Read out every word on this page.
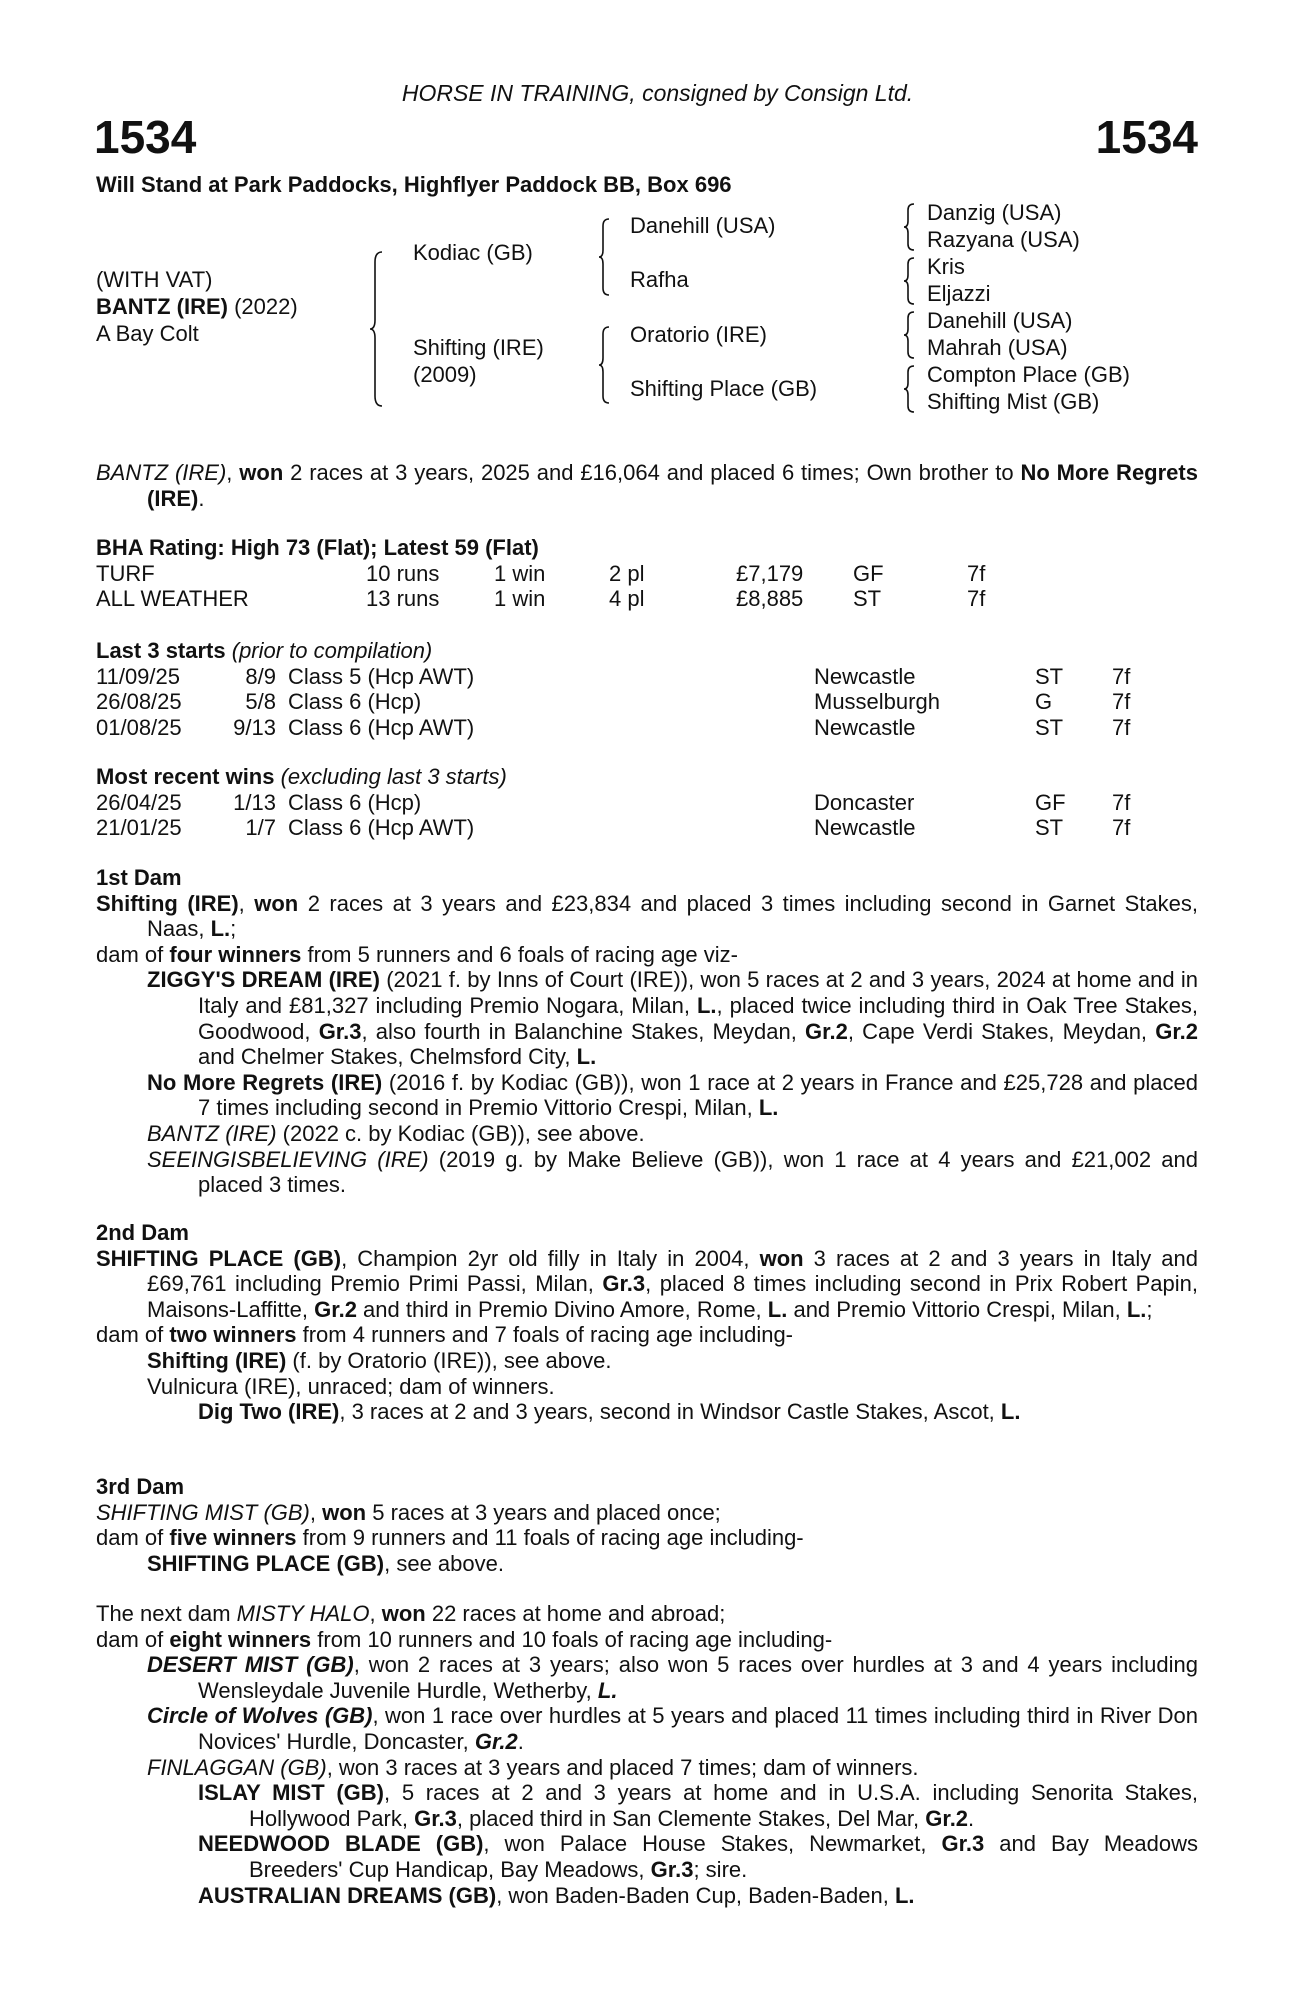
HORSE IN TRAINING, consigned by Consign Ltd.
1534	1534
Will Stand at Park Paddocks, Highflyer Paddock BB, Box 696
(WITH VAT)
BANTZ (IRE) (2022)
A Bay Colt
Kodiac (GB)
Shifting (IRE)
(2009)
Danehill (USA)
Rafha
Oratorio (IRE)
Shifting Place (GB)
Danzig (USA)
Razyana (USA)
Kris
Eljazzi
Danehill (USA)
Mahrah (USA)
Compton Place (GB)
Shifting Mist (GB)
BANTZ (IRE), won 2 races at 3 years, 2025 and £16,064 and placed 6 times; Own brother to No More Regrets (IRE).
BHA Rating: High 73 (Flat); Latest 59 (Flat)
TURF	10 runs 1 win	2 pl	£7,179 GF	7f
ALL WEATHER	13 runs 1 win	4 pl	£8,885 ST	7f
Last 3 starts (prior to compilation)
11/09/25	8/9 Class 5 (Hcp AWT)	Newcastle	ST 7f
26/08/25	5/8 Class 6 (Hcp)	Musselburgh	G	7f
01/08/25 9/13 Class 6 (Hcp AWT)	Newcastle	ST 7f
Most recent wins (excluding last 3 starts)
26/04/25 1/13 Class 6 (Hcp)	Doncaster	GF 7f
21/01/25	1/7 Class 6 (Hcp AWT)	Newcastle	ST 7f
1st Dam
Shifting (IRE), won 2 races at 3 years and £23,834 and placed 3 times including second in Garnet Stakes, Naas, L.;
dam of four winners from 5 runners and 6 foals of racing age viz-
ZIGGY'S DREAM (IRE) (2021 f. by Inns of Court (IRE)), won 5 races at 2 and 3 years, 2024 at home and in Italy and £81,327 including Premio Nogara, Milan, L., placed twice including third in Oak Tree Stakes, Goodwood, Gr.3, also fourth in Balanchine Stakes, Meydan, Gr.2, Cape Verdi Stakes, Meydan, Gr.2 and Chelmer Stakes, Chelmsford City, L.
No More Regrets (IRE) (2016 f. by Kodiac (GB)), won 1 race at 2 years in France and £25,728 and placed 7 times including second in Premio Vittorio Crespi, Milan, L.
BANTZ (IRE) (2022 c. by Kodiac (GB)), see above.
SEEINGISBELIEVING (IRE) (2019 g. by Make Believe (GB)), won 1 race at 4 years and £21,002 and placed 3 times.
2nd Dam
SHIFTING PLACE (GB), Champion 2yr old filly in Italy in 2004, won 3 races at 2 and 3 years in Italy and £69,761 including Premio Primi Passi, Milan, Gr.3, placed 8 times including second in Prix Robert Papin, Maisons-Laffitte, Gr.2 and third in Premio Divino Amore, Rome, L. and Premio Vittorio Crespi, Milan, L.;
dam of two winners from 4 runners and 7 foals of racing age including-
Shifting (IRE) (f. by Oratorio (IRE)), see above.
Vulnicura (IRE), unraced; dam of winners.
Dig Two (IRE), 3 races at 2 and 3 years, second in Windsor Castle Stakes, Ascot, L.
3rd Dam
SHIFTING MIST (GB), won 5 races at 3 years and placed once;
dam of five winners from 9 runners and 11 foals of racing age including-
SHIFTING PLACE (GB), see above.
The next dam MISTY HALO, won 22 races at home and abroad;
dam of eight winners from 10 runners and 10 foals of racing age including-
DESERT MIST (GB), won 2 races at 3 years; also won 5 races over hurdles at 3 and 4 years including Wensleydale Juvenile Hurdle, Wetherby, L.
Circle of Wolves (GB), won 1 race over hurdles at 5 years and placed 11 times including third in River Don Novices' Hurdle, Doncaster, Gr.2.
FINLAGGAN (GB), won 3 races at 3 years and placed 7 times; dam of winners.
ISLAY MIST (GB), 5 races at 2 and 3 years at home and in U.S.A. including Senorita Stakes, Hollywood Park, Gr.3, placed third in San Clemente Stakes, Del Mar, Gr.2.
NEEDWOOD BLADE (GB), won Palace House Stakes, Newmarket, Gr.3 and Bay Meadows Breeders' Cup Handicap, Bay Meadows, Gr.3; sire.
AUSTRALIAN DREAMS (GB), won Baden-Baden Cup, Baden-Baden, L.
